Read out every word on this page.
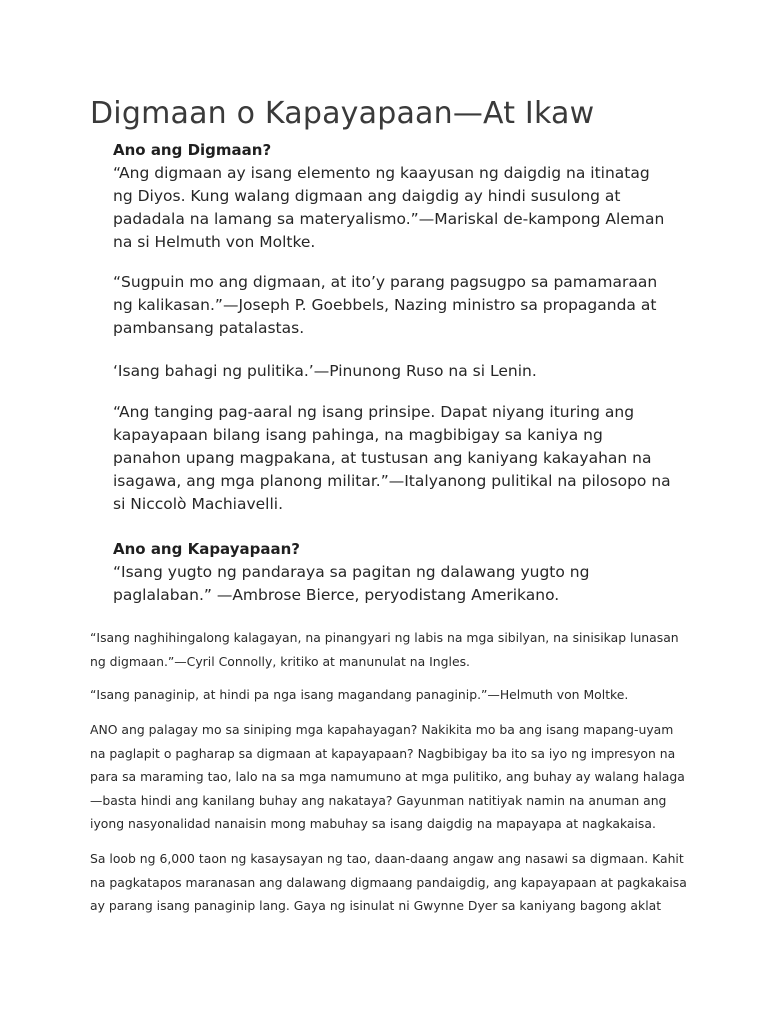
Digmaan o Kapayapaan—At Ikaw

Ano ang Digmaan?

“Ang digmaan ay isang elemento ng kaayusan ng daigdig na itinatag ng Diyos. Kung walang digmaan ang daigdig ay hindi susulong at padadala na lamang sa materyalismo.”—Mariskal de-kampong Aleman na si Helmuth von Moltke.

“Sugpuin mo ang digmaan, at ito’y parang pagsugpo sa pamamaraan ng kalikasan.”—Joseph P. Goebbels, Nazing ministro sa propaganda at pambansang patalastas.

‘Isang bahagi ng pulitika.’—Pinunong Ruso na si Lenin.

“Ang tanging pag-aaral ng isang prinsipe. Dapat niyang ituring ang kapayapaan bilang isang pahinga, na magbibigay sa kaniya ng panahon upang magpakana, at tustusan ang kaniyang kakayahan na isagawa, ang mga planong militar.”—Italyanong pulitikal na pilosopo na si Niccolò Machiavelli.

Ano ang Kapayapaan?

“Isang yugto ng pandaraya sa pagitan ng dalawang yugto ng paglalaban.” —Ambrose Bierce, peryodistang Amerikano.

“Isang naghihingalong kalagayan, na pinangyari ng labis na mga sibilyan, na sinisikap lunasan ng digmaan.”—Cyril Connolly, kritiko at manunulat na Ingles.

“Isang panaginip, at hindi pa nga isang magandang panaginip.”—Helmuth von Moltke.

ANO ang palagay mo sa siniping mga kapahayagan? Nakikita mo ba ang isang mapang-uyam na paglapit o pagharap sa digmaan at kapayapaan? Nagbibigay ba ito sa iyo ng impresyon na para sa maraming tao, lalo na sa mga namumuno at mga pulitiko, ang buhay ay walang halaga—basta hindi ang kanilang buhay ang nakataya? Gayunman natitiyak namin na anuman ang iyong nasyonalidad nanaisin mong mabuhay sa isang daigdig na mapayapa at nagkakaisa.

Sa loob ng 6,000 taon ng kasaysayan ng tao, daan-daang angaw ang nasawi sa digmaan. Kahit na pagkatapos maranasan ang dalawang digmaang pandaigdig, ang kapayapaan at pagkakaisa ay parang isang panaginip lang. Gaya ng isinulat ni Gwynne Dyer sa kaniyang bagong aklat
